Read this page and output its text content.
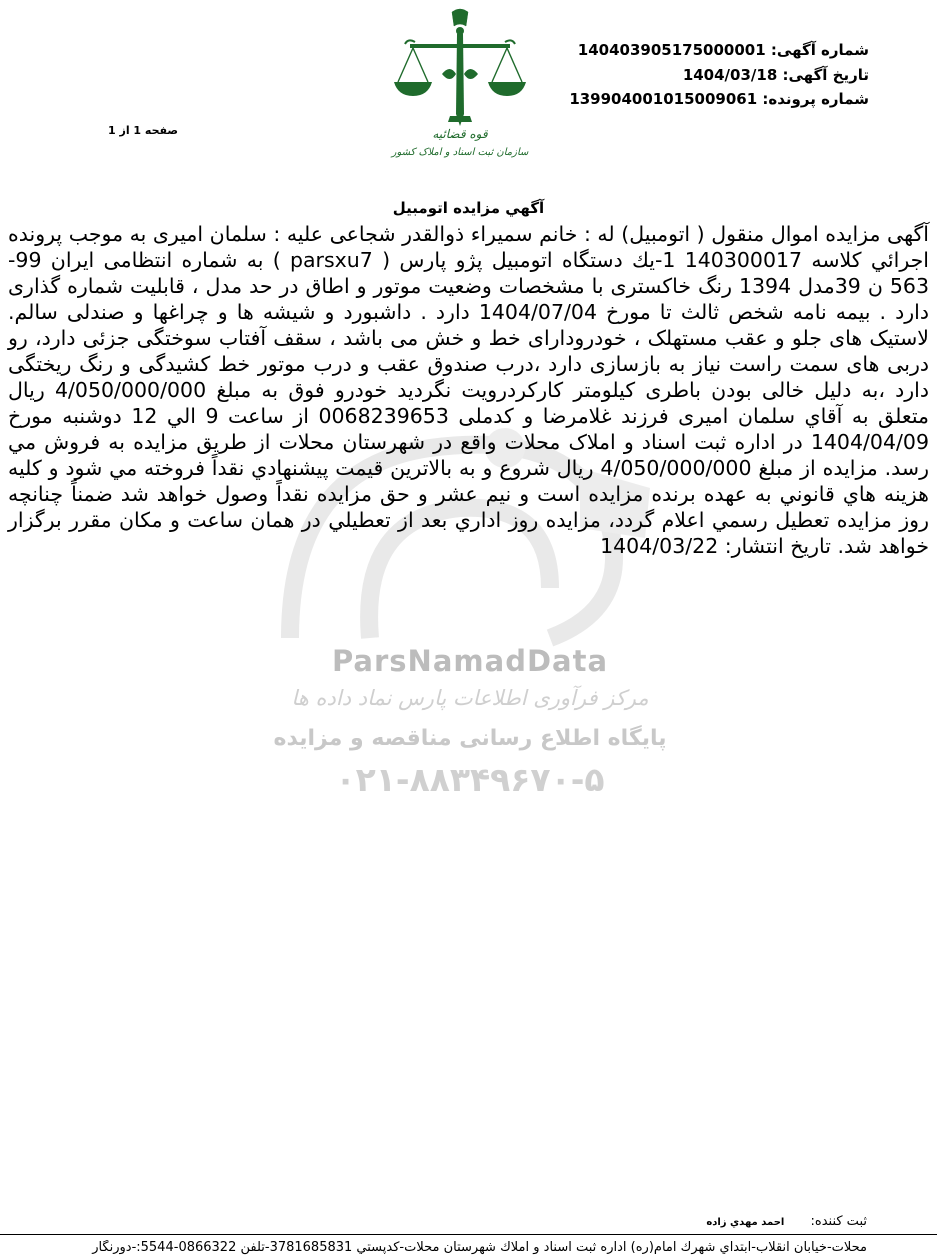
شماره آگهی: 140403905175000001
تاریخ آگهی: 1404/03/18
شماره پرونده: 139904001015009061
صفحه 1 از 1	قوه قضائیه
سازمان ثبت اسناد و املاک کشور
ParsNamadData
مرکز فرآوری اطلاعات پارس نماد داده ها
پایگاه اطلاع رسانی مناقصه و مزایده
۰۲۱-۸۸۳۴۹۶۷۰-۵
آگهي مزایده اتومبیل

آگهی مزایده اموال منقول ( اتومبیل) له : خانم سمیراء ذوالقدر شجاعی علیه : سلمان امیری به موجب پرونده اجرائي کلاسه 140300017 1-یك دستگاه اتومبیل پژو پارس ( parsxu7 ) به شماره انتظامی ایران 99- 563 ن 39مدل 1394 رنگ خاکستری با مشخصات وضعیت موتور و اطاق در حد مدل ، قابلیت شماره گذاری دارد . بیمه نامه شخص ثالث تا مورخ 1404/07/04 دارد . داشبورد و شیشه ها و چراغها و صندلی سالم. لاستیک های جلو و عقب مستهلک ، خودرودارای خط و خش می باشد ، سقف آفتاب سوختگی جزئی دارد، رو دربی های سمت راست نیاز به بازسازی دارد ،درب صندوق عقب و درب موتور خط کشیدگی و رنگ ریختگی دارد ،به دلیل خالی بودن باطری کیلومتر کارکردرویت نگردید خودرو فوق به مبلغ 4/050/000/000 ریال متعلق به آقاي سلمان امیری فرزند غلامرضا و کدملی 0068239653 از ساعت 9 الي 12 دوشنبه مورخ 1404/04/09 در اداره ثبت اسناد و املاک محلات واقع در شهرستان محلات از طریق مزایده به فروش مي رسد. مزایده از مبلغ 4/050/000/000 ریال شروع و به بالاترین قیمت پیشنهادي نقداً فروخته مي شود و کلیه هزینه هاي قانوني به عهده برنده مزایده است و نیم عشر و حق مزایده نقداً وصول خواهد شد ضمناً چنانچه روز مزایده تعطیل رسمي اعلام گردد، مزایده روز اداري بعد از تعطیلي در همان ساعت و مکان مقرر برگزار خواهد شد. تاریخ انتشار: 1404/03/22

ثبت کننده: احمد مهدي زاده
محلات-خیابان انقلاب-ابتداي شهرك امام(ره) اداره ثبت اسناد و املاك شهرستان محلات-كدپستي 3781685831-تلفن 0866322-5544:-دورنگار
